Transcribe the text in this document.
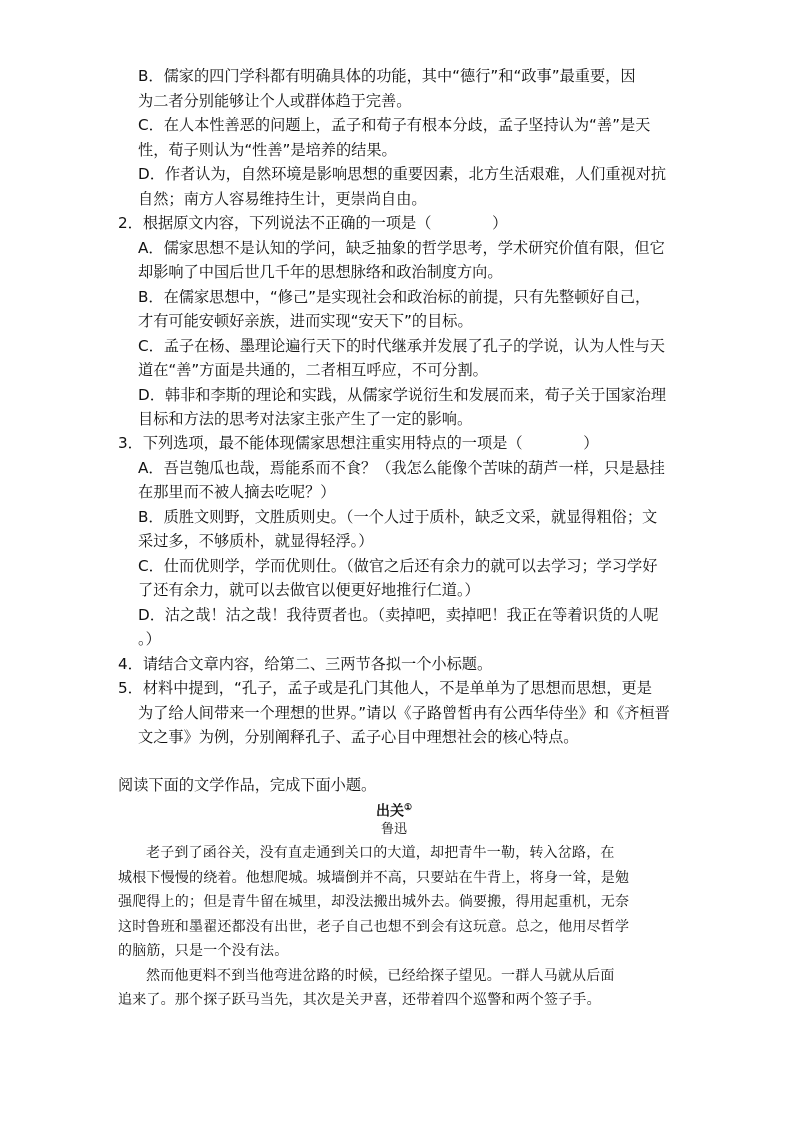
B．儒家的四门学科都有明确具体的功能，其中“德行”和“政事”最重要，因
为二者分别能够让个人或群体趋于完善。
C．在人本性善恶的问题上，孟子和荀子有根本分歧，孟子坚持认为“善”是天
性，荀子则认为“性善”是培养的结果。
D．作者认为，自然环境是影响思想的重要因素，北方生活艰难，人们重视对抗
自然；南方人容易维持生计，更崇尚自由。
2．根据原文内容，下列说法不正确的一项是（　　　　）
A．儒家思想不是认知的学问，缺乏抽象的哲学思考，学术研究价值有限，但它
却影响了中国后世几千年的思想脉络和政治制度方向。
B．在儒家思想中，“修己”是实现社会和政治标的前提，只有先整顿好自己，
才有可能安顿好亲族，进而实现“安天下”的目标。
C．孟子在杨、墨理论遍行天下的时代继承并发展了孔子的学说，认为人性与天
道在“善”方面是共通的，二者相互呼应，不可分割。
D．韩非和李斯的理论和实践，从儒家学说衍生和发展而来，荀子关于国家治理
目标和方法的思考对法家主张产生了一定的影响。
3．下列选项，最不能体现儒家思想注重实用特点的一项是（　　　　）
A．吾岂匏瓜也哉，焉能系而不食？（我怎么能像个苦味的葫芦一样，只是悬挂
在那里而不被人摘去吃呢？）
B．质胜文则野，文胜质则史。（一个人过于质朴，缺乏文采，就显得粗俗；文
采过多，不够质朴，就显得轻浮。）
C．仕而优则学，学而优则仕。（做官之后还有余力的就可以去学习；学习学好
了还有余力，就可以去做官以便更好地推行仁道。）
D．沽之哉！沽之哉！我待贾者也。（卖掉吧，卖掉吧！我正在等着识货的人呢
。）
4．请结合文章内容，给第二、三两节各拟一个小标题。
5．材料中提到，“孔子，孟子或是孔门其他人，不是单单为了思想而思想，更是
为了给人间带来一个理想的世界。”请以《子路曾皙冉有公西华侍坐》和《齐桓晋
文之事》为例，分别阐释孔子、孟子心目中理想社会的核心特点。
阅读下面的文学作品，完成下面小题。
出关①
鲁迅
老子到了函谷关，没有直走通到关口的大道，却把青牛一勒，转入岔路，在
城根下慢慢的绕着。他想爬城。城墙倒并不高，只要站在牛背上，将身一耸，是勉
强爬得上的；但是青牛留在城里，却没法搬出城外去。倘要搬，得用起重机，无奈
这时鲁班和墨翟还都没有出世，老子自己也想不到会有这玩意。总之，他用尽哲学
的脑筋，只是一个没有法。
然而他更料不到当他弯进岔路的时候，已经给探子望见。一群人马就从后面
追来了。那个探子跃马当先，其次是关尹喜，还带着四个巡警和两个签子手。
